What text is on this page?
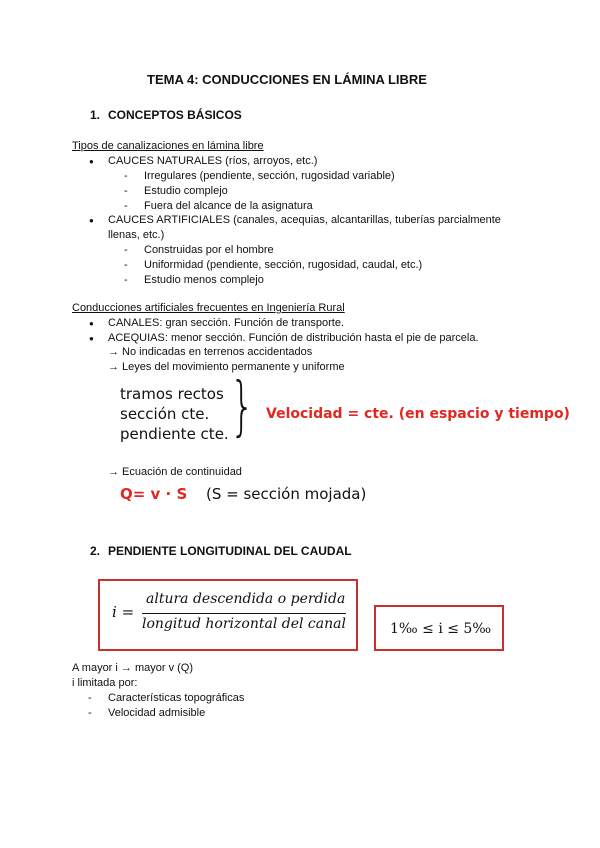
TEMA 4: CONDUCCIONES EN LÁMINA LIBRE
1. CONCEPTOS BÁSICOS
Tipos de canalizaciones en lámina libre
● CAUCES NATURALES (ríos, arroyos, etc.)
- Irregulares (pendiente, sección, rugosidad variable)
- Estudio complejo
- Fuera del alcance de la asignatura
● CAUCES ARTIFICIALES (canales, acequias, alcantarillas, tuberías parcialmente
llenas, etc.)
- Construidas por el hombre
- Uniformidad (pendiente, sección, rugosidad, caudal, etc.)
- Estudio menos complejo
Conducciones artificiales frecuentes en Ingeniería Rural
● CANALES: gran sección. Función de transporte.
● ACEQUIAS: menor sección. Función de distribución hasta el pie de parcela.
→ No indicadas en terrenos accidentados
→ Leyes del movimiento permanente y uniforme
tramos rectos
sección cte.
pendiente cte. } Velocidad = cte. (en espacio y tiempo)
→ Ecuación de continuidad
Q= v · S (S = sección mojada)
2. PENDIENTE LONGITUDINAL DEL CAUDAL
i =
altura descendida o perdida
longitud horizontal del canal	1‰ ≤ i ≤ 5‰
A mayor i → mayor v (Q)
i limitada por:
- Características topográficas
- Velocidad admisible
